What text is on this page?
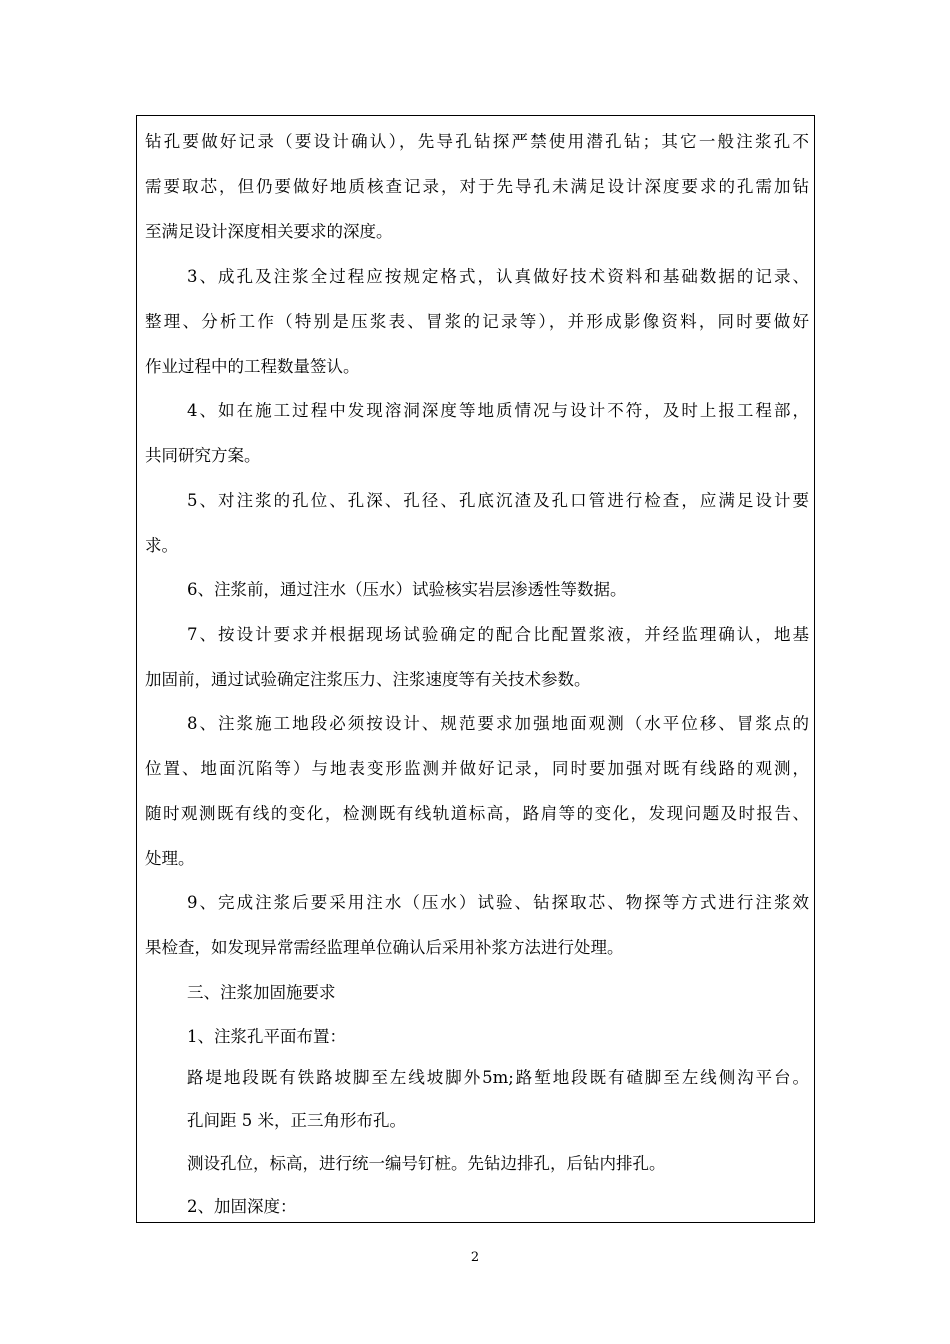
钻孔要做好记录（要设计确认），先导孔钻探严禁使用潜孔钻；其它一般注浆孔不
需要取芯，但仍要做好地质核查记录，对于先导孔未满足设计深度要求的孔需加钻
至满足设计深度相关要求的深度。
3、成孔及注浆全过程应按规定格式，认真做好技术资料和基础数据的记录、
整理、分析工作（特别是压浆表、冒浆的记录等），并形成影像资料，同时要做好
作业过程中的工程数量签认。
4、如在施工过程中发现溶洞深度等地质情况与设计不符，及时上报工程部，
共同研究方案。
5、对注浆的孔位、孔深、孔径、孔底沉渣及孔口管进行检查，应满足设计要
求。
6、注浆前，通过注水（压水）试验核实岩层渗透性等数据。
7、按设计要求并根据现场试验确定的配合比配置浆液，并经监理确认，地基
加固前，通过试验确定注浆压力、注浆速度等有关技术参数。
8、注浆施工地段必须按设计、规范要求加强地面观测（水平位移、冒浆点的
位置、地面沉陷等）与地表变形监测并做好记录，同时要加强对既有线路的观测，
随时观测既有线的变化，检测既有线轨道标高，路肩等的变化，发现问题及时报告、
处理。
9、完成注浆后要采用注水（压水）试验、钻探取芯、物探等方式进行注浆效
果检查，如发现异常需经监理单位确认后采用补浆方法进行处理。
三、注浆加固施要求
1、注浆孔平面布置：
路堤地段既有铁路坡脚至左线坡脚外5m;路堑地段既有碴脚至左线侧沟平台。
孔间距 5 米，正三角形布孔。
测设孔位，标高，进行统一编号钉桩。先钻边排孔，后钻内排孔。
2、加固深度：
2
